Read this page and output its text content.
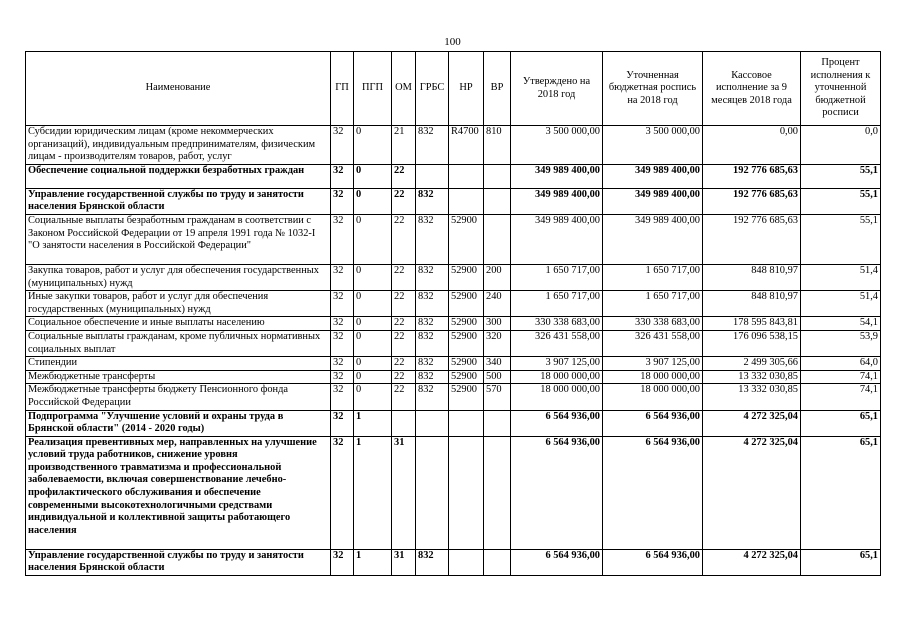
100
Наименование	ГП	ПГП	ОМ	ГРБС	НР	ВР	Утверждено на 2018 год	Уточненная бюджетная роспись на 2018 год	Кассовое исполнение за 9 месяцев 2018 года	Процент исполнения к уточненной бюджетной росписи
Субсидии юридическим лицам (кроме некоммерческих организаций), индивидуальным предпринимателям, физическим лицам - производителям товаров, работ, услуг	32	0	21	832	R4700	810	3 500 000,00	3 500 000,00	0,00	0,0
Обеспечение социальной поддержки безработных граждан	32	0	22				349 989 400,00	349 989 400,00	192 776 685,63	55,1
Управление государственной службы по труду и занятости населения Брянской области	32	0	22	832			349 989 400,00	349 989 400,00	192 776 685,63	55,1
Социальные выплаты безработным гражданам в соответствии с Законом Российской Федерации от 19 апреля 1991 года № 1032-I "О занятости населения в Российской Федерации"	32	0	22	832	52900		349 989 400,00	349 989 400,00	192 776 685,63	55,1
Закупка товаров, работ и услуг для обеспечения государственных (муниципальных) нужд	32	0	22	832	52900	200	1 650 717,00	1 650 717,00	848 810,97	51,4
Иные закупки товаров, работ и услуг для обеспечения государственных (муниципальных) нужд	32	0	22	832	52900	240	1 650 717,00	1 650 717,00	848 810,97	51,4
Социальное обеспечение и иные выплаты населению	32	0	22	832	52900	300	330 338 683,00	330 338 683,00	178 595 843,81	54,1
Социальные выплаты гражданам, кроме публичных нормативных социальных выплат	32	0	22	832	52900	320	326 431 558,00	326 431 558,00	176 096 538,15	53,9
Стипендии	32	0	22	832	52900	340	3 907 125,00	3 907 125,00	2 499 305,66	64,0
Межбюджетные трансферты	32	0	22	832	52900	500	18 000 000,00	18 000 000,00	13 332 030,85	74,1
Межбюджетные трансферты бюджету Пенсионного фонда Российской Федерации	32	0	22	832	52900	570	18 000 000,00	18 000 000,00	13 332 030,85	74,1
Подпрограмма "Улучшение условий и охраны труда в Брянской области" (2014 - 2020 годы)	32	1					6 564 936,00	6 564 936,00	4 272 325,04	65,1
Реализация превентивных мер, направленных на улучшение условий труда работников, снижение уровня производственного травматизма и профессиональной заболеваемости, включая совершенствование лечебно-профилактического обслуживания и обеспечение современными высокотехнологичными средствами индивидуальной и коллективной защиты работающего населения	32	1	31				6 564 936,00	6 564 936,00	4 272 325,04	65,1
Управление государственной службы по труду и занятости населения Брянской области	32	1	31	832			6 564 936,00	6 564 936,00	4 272 325,04	65,1
